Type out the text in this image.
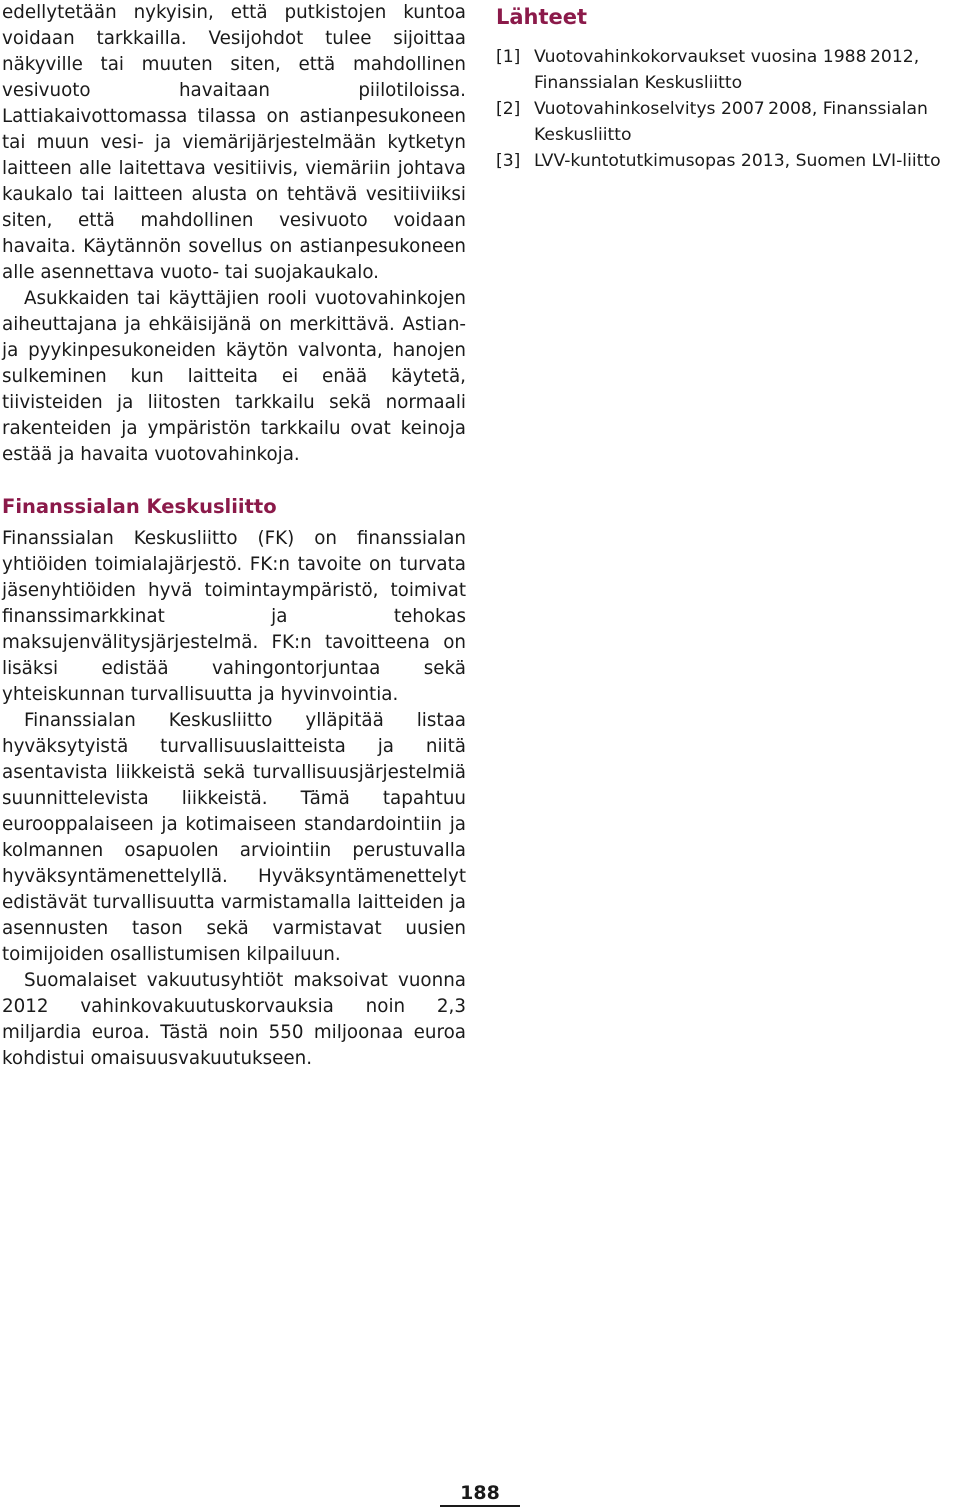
edellytetään nykyisin, että putkistojen kuntoa voidaan tarkkailla. Vesijohdot tulee sijoittaa näkyville tai muuten siten, että mahdollinen vesivuoto havaitaan piilotiloissa. Lattiakaivottomassa tilassa on astianpesukoneen tai muun vesi- ja viemärijärjestelmään kytketyn laitteen alle laitettava vesitiivis, viemäriin johtava kaukalo tai laitteen alusta on tehtävä vesitiiviiksi siten, että mahdollinen vesivuoto voidaan havaita. Käytännön sovellus on astianpesukoneen alle asennettava vuoto- tai suojakaukalo.

Asukkaiden tai käyttäjien rooli vuotovahinkojen aiheuttajana ja ehkäisijänä on merkittävä. Astian- ja pyykinpesukoneiden käytön valvonta, hanojen sulkeminen kun laitteita ei enää käytetä, tiivisteiden ja liitosten tarkkailu sekä normaali rakenteiden ja ympäristön tarkkailu ovat keinoja estää ja havaita vuotovahinkoja.

Finanssialan Keskusliitto

Finanssialan Keskusliitto (FK) on finanssialan yhtiöiden toimialajärjestö. FK:n tavoite on turvata jäsenyhtiöiden hyvä toimintaympäristö, toimivat finanssimarkkinat ja tehokas maksujenvälitysjärjestelmä. FK:n tavoitteena on lisäksi edistää vahingontorjuntaa sekä yhteiskunnan turvallisuutta ja hyvinvointia.

Finanssialan Keskusliitto ylläpitää listaa hyväksytyistä turvallisuuslaitteista ja niitä asentavista liikkeistä sekä turvallisuusjärjestelmiä suunnittelevista liikkeistä. Tämä tapahtuu eurooppalaiseen ja kotimaiseen standardointiin ja kolmannen osapuolen arviointiin perustuvalla hyväksyntämenettelyllä. Hyväksyntämenettelyt edistävät turvallisuutta varmistamalla laitteiden ja asennusten tason sekä varmistavat uusien toimijoiden osallistumisen kilpailuun.

Suomalaiset vakuutusyhtiöt maksoivat vuonna 2012 vahinkovakuutuskorvauksia noin 2,3 miljardia euroa. Tästä noin 550 miljoonaa euroa kohdistui omaisuusvakuutukseen.

Lähteet
[1] Vuotovahinkokorvaukset vuosina 1988 2012, Finanssialan Keskusliitto
[2] Vuotovahinkoselvitys 2007 2008, Finanssialan Keskusliitto
[3] LVV-kuntotutkimusopas 2013, Suomen LVI-liitto
188
